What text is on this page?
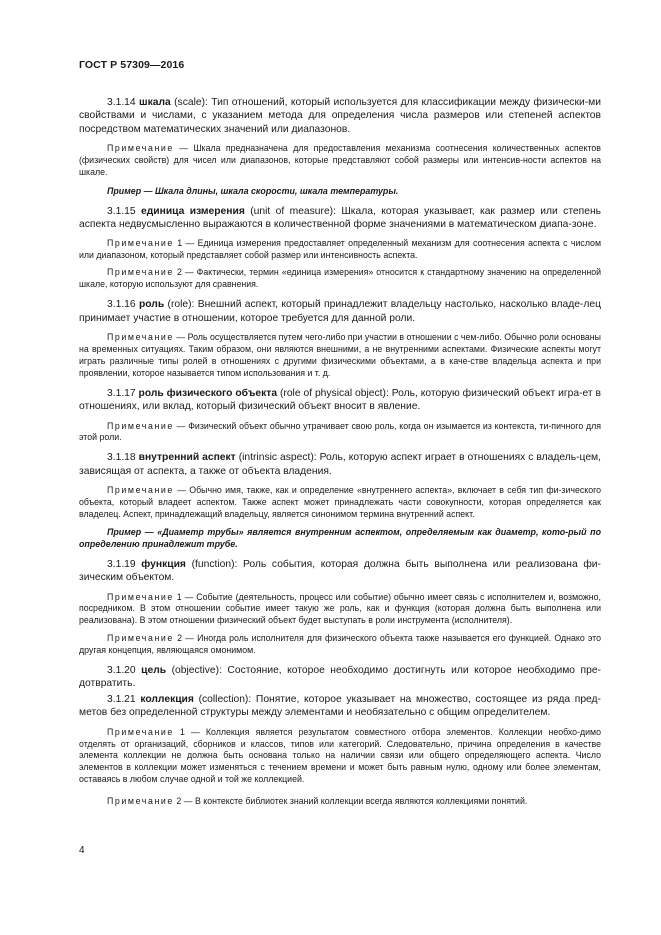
ГОСТ Р 57309—2016

3.1.14 шкала (scale): Тип отношений, который используется для классификации между физически-ми свойствами и числами, с указанием метода для определения числа размеров или степеней аспектов посредством математических значений или диапазонов.

Примечание — Шкала предназначена для предоставления механизма соотнесения количественных аспектов (физических свойств) для чисел или диапазонов, которые представляют собой размеры или интенсив-ности аспектов на шкале.

Пример — Шкала длины, шкала скорости, шкала температуры.

3.1.15 единица измерения (unit of measure): Шкала, которая указывает, как размер или степень аспекта недвусмысленно выражаются в количественной форме значениями в математическом диапа-зоне.

Примечание 1 — Единица измерения предоставляет определенный механизм для соотнесения аспекта с числом или диапазоном, который представляет собой размер или интенсивность аспекта.

Примечание 2 — Фактически, термин «единица измерения» относится к стандартному значению на определенной шкале, которую используют для сравнения.

3.1.16 роль (role): Внешний аспект, который принадлежит владельцу настолько, насколько владе-лец принимает участие в отношении, которое требуется для данной роли.

Примечание — Роль осуществляется путем чего-либо при участии в отношении с чем-либо. Обычно роли основаны на временных ситуациях. Таким образом, они являются внешними, а не внутренними аспектами. Физические аспекты могут играть различные типы ролей в отношениях с другими физическими объектами, а в каче-стве владельца аспекта и при проявлении, которое называется типом использования и т. д.

3.1.17 роль физического объекта (role of physical object): Роль, которую физический объект игра-ет в отношениях, или вклад, который физический объект вносит в явление.

Примечание — Физический объект обычно утрачивает свою роль, когда он изымается из контекста, ти-пичного для этой роли.

3.1.18 внутренний аспект (intrinsic aspect): Роль, которую аспект играет в отношениях с владель-цем, зависящая от аспекта, а также от объекта владения.

Примечание — Обычно имя, также, как и определение «внутреннего аспекта», включает в себя тип фи-зического объекта, который владеет аспектом. Также аспект может принадлежать части совокупности, которая определяется как владелец. Аспект, принадлежащий владельцу, является синонимом термина внутренний аспект.

Пример — «Диаметр трубы» является внутренним аспектом, определяемым как диаметр, кото-рый по определению принадлежит трубе.

3.1.19 функция (function): Роль события, которая должна быть выполнена или реализована фи-зическим объектом.

Примечание 1 — Событие (деятельность, процесс или событие) обычно имеет связь с исполнителем и, возможно, посредником. В этом отношении событие имеет такую же роль, как и функция (которая должна быть выполнена или реализована). В этом отношении физический объект будет выступать в роли инструмента (исполнителя).

Примечание 2 — Иногда роль исполнителя для физического объекта также называется его функцией. Однако это другая концепция, являющаяся омонимом.

3.1.20 цель (objective): Состояние, которое необходимо достигнуть или которое необходимо пре-дотвратить.

3.1.21 коллекция (collection): Понятие, которое указывает на множество, состоящее из ряда пред-метов без определенной структуры между элементами и необязательно с общим определителем.

Примечание 1 — Коллекция является результатом совместного отбора элементов. Коллекции необхо-димо отделять от организаций, сборников и классов, типов или категорий. Следовательно, причина определения в качестве элемента коллекции не должна быть основана только на наличии связи или общего определяющего аспекта. Число элементов в коллекции может изменяться с течением времени и может быть равным нулю, одному или более элементам, оставаясь в любом случае одной и той же коллекцией.

Примечание 2 — В контексте библиотек знаний коллекции всегда являются коллекциями понятий.

4
